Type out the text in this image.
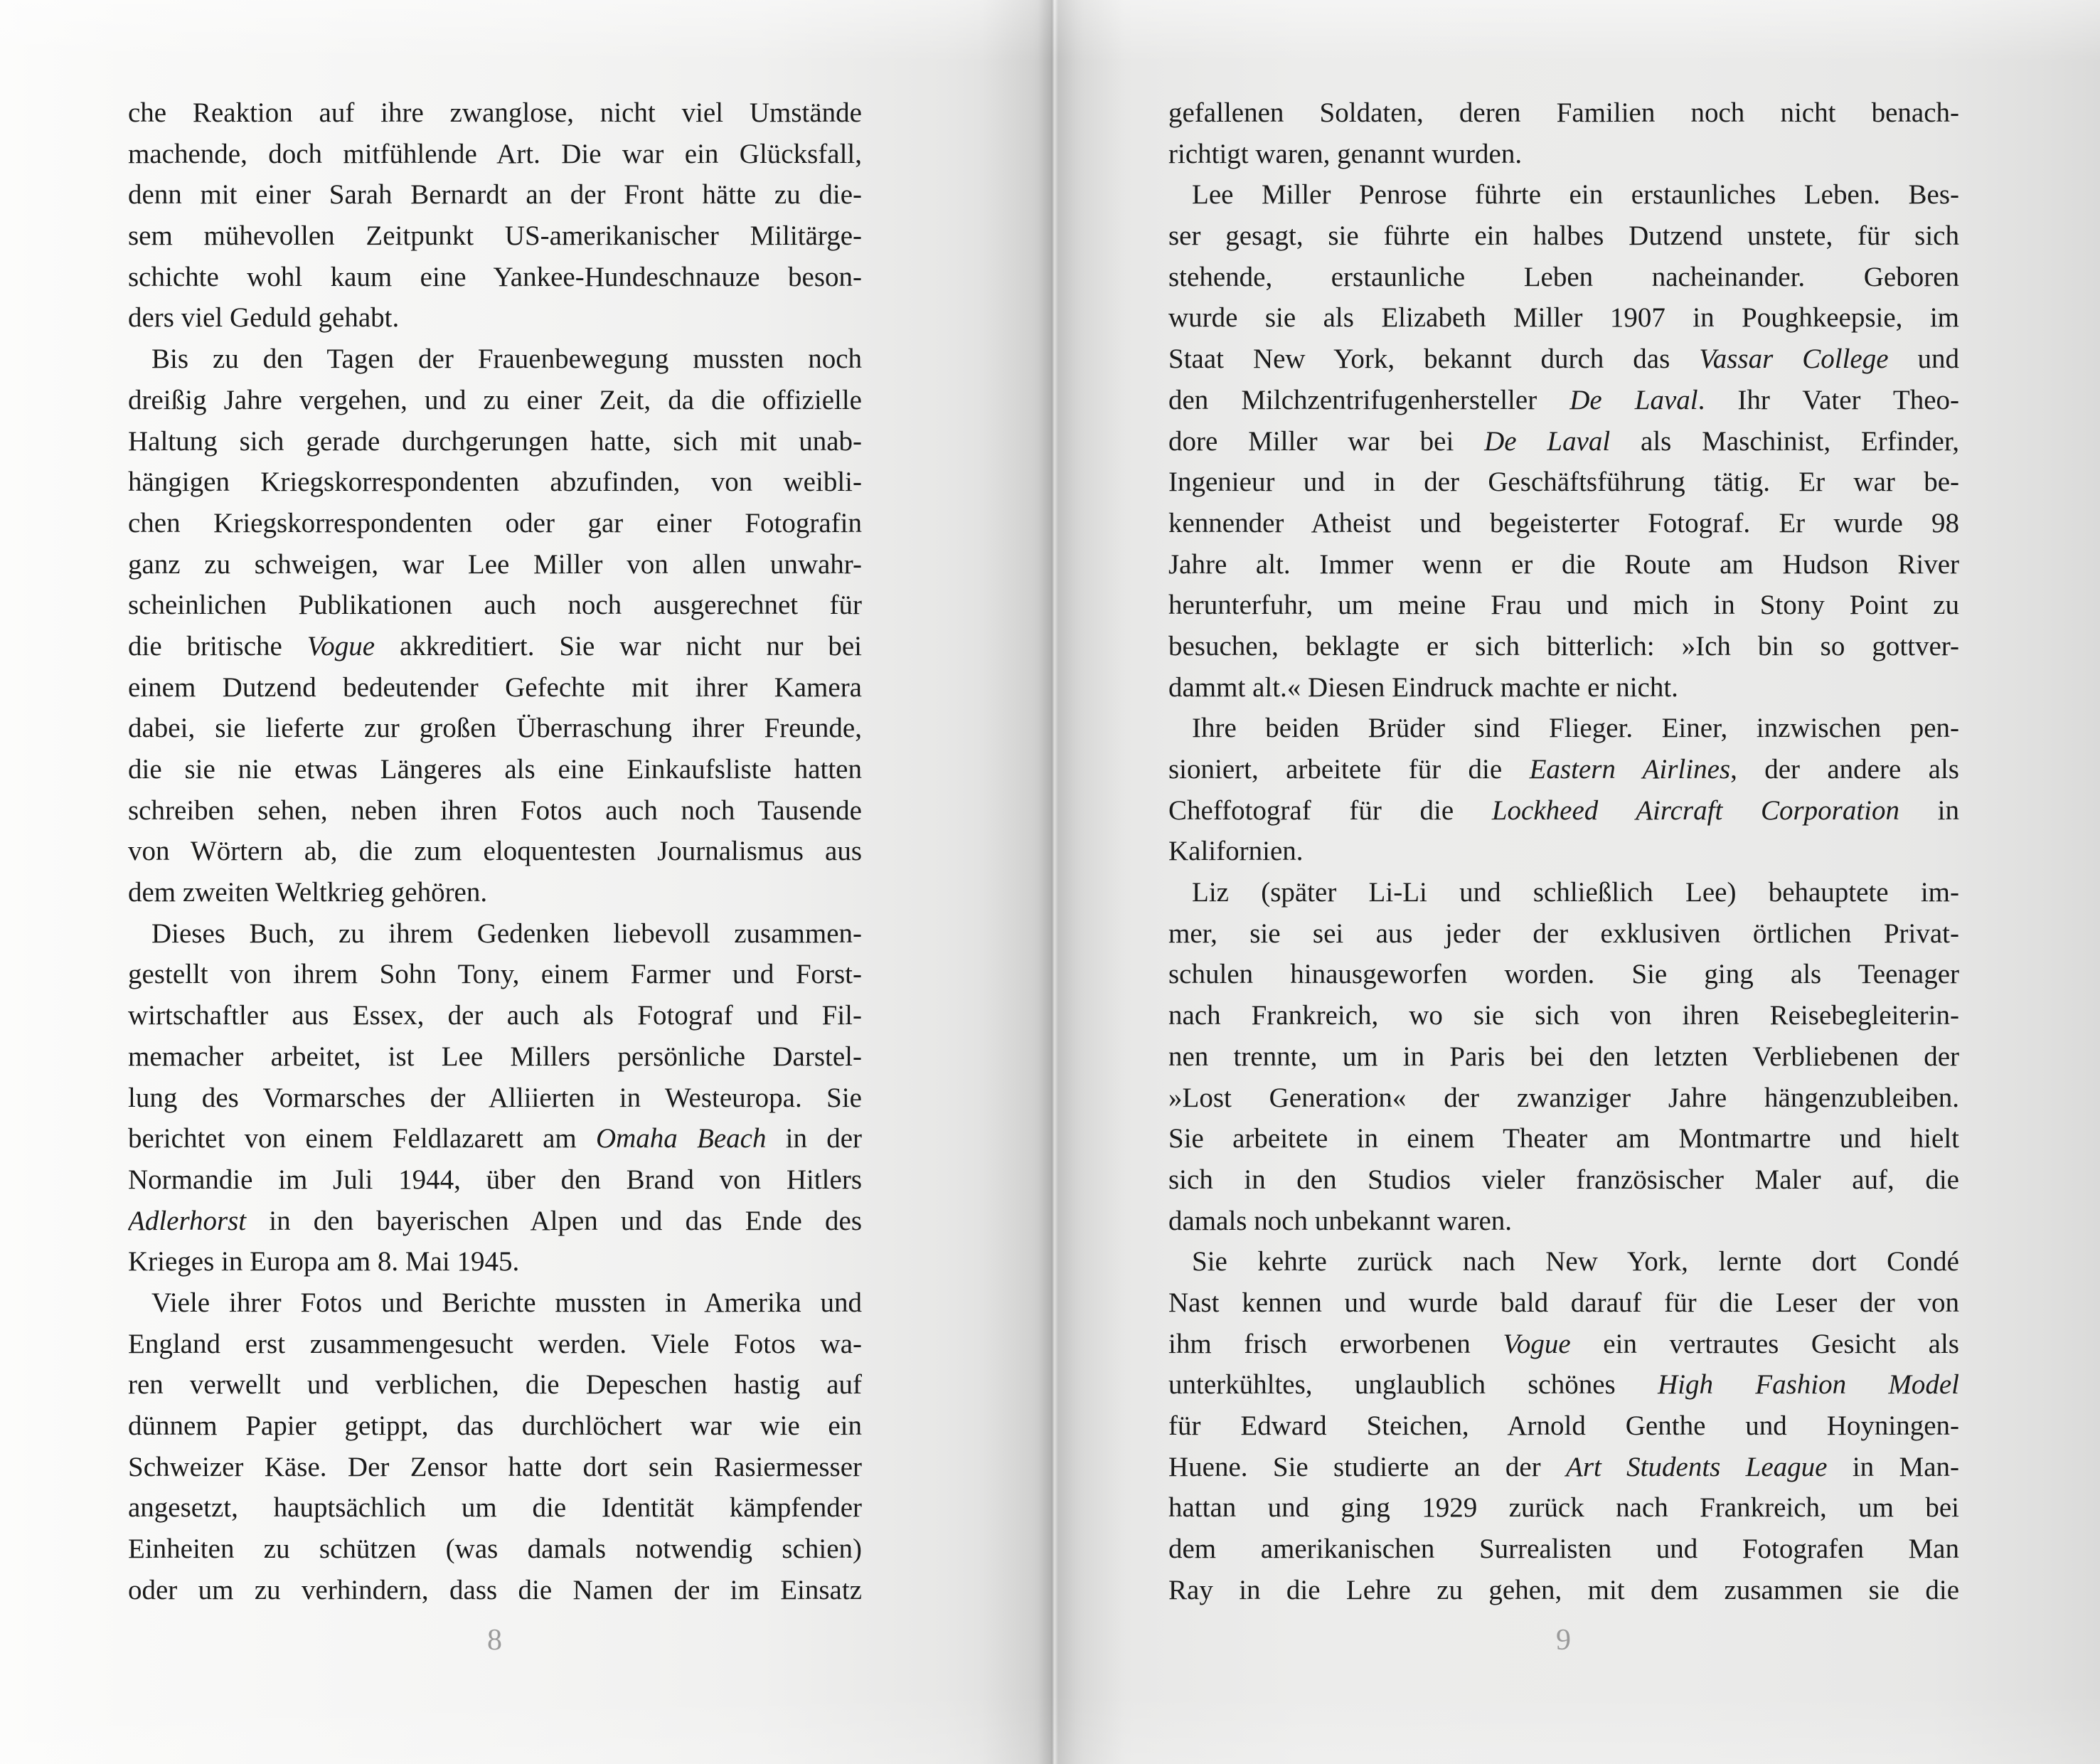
che Reaktion auf ihre zwanglose, nicht viel Umstände
machende, doch mitfühlende Art. Die war ein Glücksfall,
denn mit einer Sarah Bernardt an der Front hätte zu die-
sem mühevollen Zeitpunkt US-amerikanischer Militärge-
schichte wohl kaum eine Yankee-Hundeschnauze beson-
ders viel Geduld gehabt.
Bis zu den Tagen der Frauenbewegung mussten noch
dreißig Jahre vergehen, und zu einer Zeit, da die offizielle
Haltung sich gerade durchgerungen hatte, sich mit unab-
hängigen Kriegskorrespondenten abzufinden, von weibli-
chen Kriegskorrespondenten oder gar einer Fotografin
ganz zu schweigen, war Lee Miller von allen unwahr-
scheinlichen Publikationen auch noch ausgerechnet für
die britische Vogue akkreditiert. Sie war nicht nur bei
einem Dutzend bedeutender Gefechte mit ihrer Kamera
dabei, sie lieferte zur großen Überraschung ihrer Freunde,
die sie nie etwas Längeres als eine Einkaufsliste hatten
schreiben sehen, neben ihren Fotos auch noch Tausende
von Wörtern ab, die zum eloquentesten Journalismus aus
dem zweiten Weltkrieg gehören.
Dieses Buch, zu ihrem Gedenken liebevoll zusammen-
gestellt von ihrem Sohn Tony, einem Farmer und Forst-
wirtschaftler aus Essex, der auch als Fotograf und Fil-
memacher arbeitet, ist Lee Millers persönliche Darstel-
lung des Vormarsches der Alliierten in Westeuropa. Sie
berichtet von einem Feldlazarett am Omaha Beach in der
Normandie im Juli 1944, über den Brand von Hitlers
Adlerhorst in den bayerischen Alpen und das Ende des
Krieges in Europa am 8. Mai 1945.
Viele ihrer Fotos und Berichte mussten in Amerika und
England erst zusammengesucht werden. Viele Fotos wa-
ren verwellt und verblichen, die Depeschen hastig auf
dünnem Papier getippt, das durchlöchert war wie ein
Schweizer Käse. Der Zensor hatte dort sein Rasiermesser
angesetzt, hauptsächlich um die Identität kämpfender
Einheiten zu schützen (was damals notwendig schien)
oder um zu verhindern, dass die Namen der im Einsatz
8
gefallenen Soldaten, deren Familien noch nicht benach-
richtigt waren, genannt wurden.
Lee Miller Penrose führte ein erstaunliches Leben. Bes-
ser gesagt, sie führte ein halbes Dutzend unstete, für sich
stehende, erstaunliche Leben nacheinander. Geboren
wurde sie als Elizabeth Miller 1907 in Poughkeepsie, im
Staat New York, bekannt durch das Vassar College und
den Milchzentrifugenhersteller De Laval. Ihr Vater Theo-
dore Miller war bei De Laval als Maschinist, Erfinder,
Ingenieur und in der Geschäftsführung tätig. Er war be-
kennender Atheist und begeisterter Fotograf. Er wurde 98
Jahre alt. Immer wenn er die Route am Hudson River
herunterfuhr, um meine Frau und mich in Stony Point zu
besuchen, beklagte er sich bitterlich: »Ich bin so gottver-
dammt alt.« Diesen Eindruck machte er nicht.
Ihre beiden Brüder sind Flieger. Einer, inzwischen pen-
sioniert, arbeitete für die Eastern Airlines, der andere als
Cheffotograf für die Lockheed Aircraft Corporation in
Kalifornien.
Liz (später Li-Li und schließlich Lee) behauptete im-
mer, sie sei aus jeder der exklusiven örtlichen Privat-
schulen hinausgeworfen worden. Sie ging als Teenager
nach Frankreich, wo sie sich von ihren Reisebegleiterin-
nen trennte, um in Paris bei den letzten Verbliebenen der
»Lost Generation« der zwanziger Jahre hängenzubleiben.
Sie arbeitete in einem Theater am Montmartre und hielt
sich in den Studios vieler französischer Maler auf, die
damals noch unbekannt waren.
Sie kehrte zurück nach New York, lernte dort Condé
Nast kennen und wurde bald darauf für die Leser der von
ihm frisch erworbenen Vogue ein vertrautes Gesicht als
unterkühltes, unglaublich schönes High Fashion Model
für Edward Steichen, Arnold Genthe und Hoyningen-
Huene. Sie studierte an der Art Students League in Man-
hattan und ging 1929 zurück nach Frankreich, um bei
dem amerikanischen Surrealisten und Fotografen Man
Ray in die Lehre zu gehen, mit dem zusammen sie die
9
